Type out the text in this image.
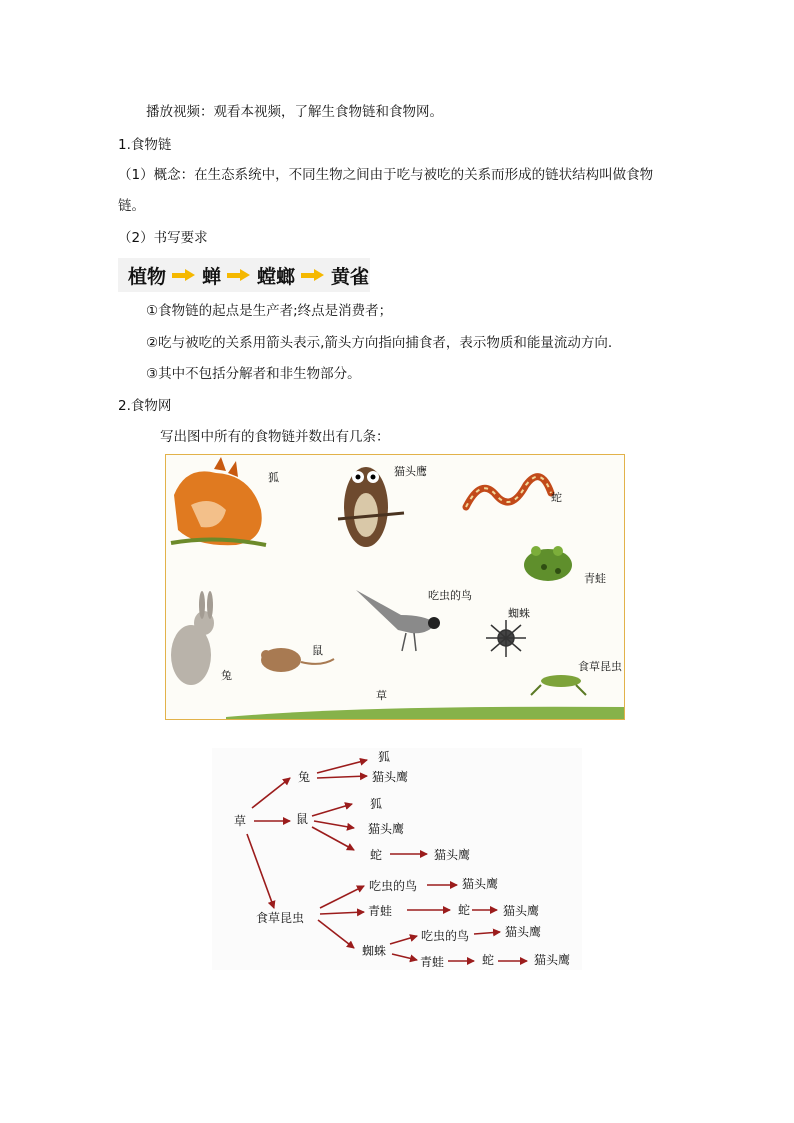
播放视频：观看本视频，了解生食物链和食物网。
1.食物链
（1）概念：在生态系统中，不同生物之间由于吃与被吃的关系而形成的链状结构叫做食物
链。
（2）书写要求
植物 蝉 螳螂 黄雀
①食物链的起点是生产者;终点是消费者；
②吃与被吃的关系用箭头表示,箭头方向指向捕食者，表示物质和能量流动方向.
③其中不包括分解者和非生物部分。
2.食物网
写出图中所有的食物链并数出有几条：
狐	猫头鹰
蛇
青蛙
吃虫的鸟
蜘蛛
兔
鼠
食草昆虫
草
草
兔
鼠
食草昆虫
狐
猫头鹰
狐
猫头鹰
蛇	猫头鹰
吃虫的鸟	猫头鹰
青蛙	蛇	猫头鹰
蜘蛛
吃虫的鸟	猫头鹰
青蛙	蛇	猫头鹰
